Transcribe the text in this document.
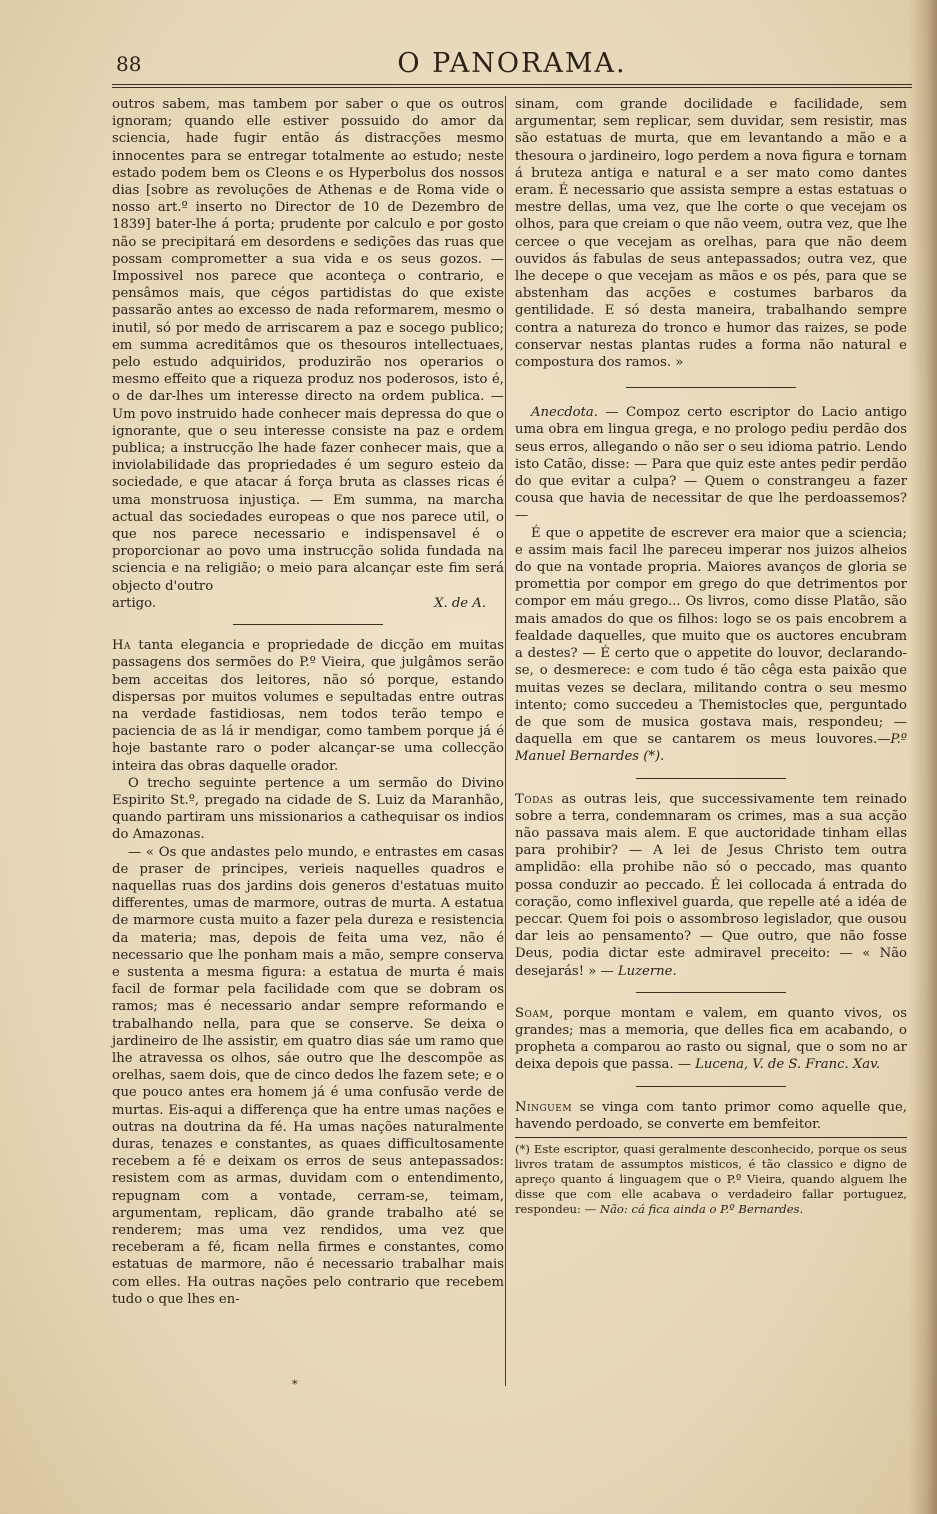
88	O PANORAMA.

outros sabem, mas tambem por saber o que os outros ignoram; quando elle estiver possuido do amor da sciencia, hade fugir então ás distracções mesmo innocentes para se entregar totalmente ao estudo; neste estado podem bem os Cleons e os Hyperbolus dos nossos dias [sobre as revoluções de Athenas e de Roma vide o nosso art.º inserto no Director de 10 de Dezembro de 1839] bater-lhe á porta; prudente por calculo e por gosto não se precipitará em desordens e sedições das ruas que possam comprometter a sua vida e os seus gozos. — Impossivel nos parece que aconteça o contrario, e pensâmos mais, que cégos partidistas do que existe passarão antes ao excesso de nada reformarem, mesmo o inutil, só por medo de arriscarem a paz e socego publico; em summa acreditâmos que os thesouros intellectuaes, pelo estudo adquiridos, produzirão nos operarios o mesmo effeito que a riqueza produz nos poderosos, isto é, o de dar-lhes um interesse directo na ordem publica. — Um povo instruido hade conhecer mais depressa do que o ignorante, que o seu interesse consiste na paz e ordem publica; a instrucção lhe hade fazer conhecer mais, que a inviolabilidade das propriedades é um seguro esteio da sociedade, e que atacar á força bruta as classes ricas é uma monstruosa injustiça. — Em summa, na marcha actual das sociedades europeas o que nos parece util, o que nos parece necessario e indispensavel é o proporcionar ao povo uma instrucção solida fundada na sciencia e na religião; o meio para alcançar este fim será objecto d'outro

artigo.	X. de A.

Ha tanta elegancia e propriedade de dicção em muitas passagens dos sermões do P.º Vieira, que julgâmos serão bem acceitas dos leitores, não só porque, estando dispersas por muitos volumes e sepultadas entre outras na verdade fastidiosas, nem todos terão tempo e paciencia de as lá ir mendigar, como tambem porque já é hoje bastante raro o poder alcançar-se uma collecção inteira das obras daquelle orador.

O trecho seguinte pertence a um sermão do Divino Espirito St.º, pregado na cidade de S. Luiz da Maranhão, quando partiram uns missionarios a cathequisar os indios do Amazonas.

— « Os que andastes pelo mundo, e entrastes em casas de praser de principes, verieis naquelles quadros e naquellas ruas dos jardins dois generos d'estatuas muito differentes, umas de marmore, outras de murta. A estatua de marmore custa muito a fazer pela dureza e resistencia da materia; mas, depois de feita uma vez, não é necessario que lhe ponham mais a mão, sempre conserva e sustenta a mesma figura: a estatua de murta é mais facil de formar pela facilidade com que se dobram os ramos; mas é necessario andar sempre reformando e trabalhando nella, para que se conserve. Se deixa o jardineiro de lhe assistir, em quatro dias sáe um ramo que lhe atravessa os olhos, sáe outro que lhe descompõe as orelhas, saem dois, que de cinco dedos lhe fazem sete; e o que pouco antes era homem já é uma confusão verde de murtas. Eis-aqui a differença que ha entre umas nações e outras na doutrina da fé. Ha umas nações naturalmente duras, tenazes e constantes, as quaes difficultosamente recebem a fé e deixam os erros de seus antepassados: resistem com as armas, duvidam com o entendimento, repugnam com a vontade, cerram-se, teimam, argumentam, replicam, dão grande trabalho até se renderem; mas uma vez rendidos, uma vez que receberam a fé, ficam nella firmes e constantes, como estatuas de marmore, não é necessario trabalhar mais com elles. Ha outras nações pelo contrario que recebem tudo o que lhes en-

*

sinam, com grande docilidade e facilidade, sem argumentar, sem replicar, sem duvidar, sem resistir, mas são estatuas de murta, que em levantando a mão e a thesoura o jardineiro, logo perdem a nova figura e tornam á bruteza antiga e natural e a ser mato como dantes eram. É necessario que assista sempre a estas estatuas o mestre dellas, uma vez, que lhe corte o que vecejam os olhos, para que creiam o que não veem, outra vez, que lhe cercee o que vecejam as orelhas, para que não deem ouvidos ás fabulas de seus antepassados; outra vez, que lhe decepe o que vecejam as mãos e os pés, para que se abstenham das acções e costumes barbaros da gentilidade. E só desta maneira, trabalhando sempre contra a natureza do tronco e humor das raizes, se pode conservar nestas plantas rudes a forma não natural e compostura dos ramos. »

Anecdota. — Compoz certo escriptor do Lacio antigo uma obra em lingua grega, e no prologo pediu perdão dos seus erros, allegando o não ser o seu idioma patrio. Lendo isto Catão, disse: — Para que quiz este antes pedir perdão do que evitar a culpa? — Quem o constrangeu a fazer cousa que havia de necessitar de que lhe perdoassemos? —

É que o appetite de escrever era maior que a sciencia; e assim mais facil lhe pareceu imperar nos juizos alheios do que na vontade propria. Maiores avanços de gloria se promettia por compor em grego do que detrimentos por compor em máu grego... Os livros, como disse Platão, são mais amados do que os filhos: logo se os pais encobrem a fealdade daquelles, que muito que os auctores encubram a destes? — É certo que o appetite do louvor, declarando-se, o desmerece: e com tudo é tão cêga esta paixão que muitas vezes se declara, militando contra o seu mesmo intento; como succedeu a Themistocles que, perguntado de que som de musica gostava mais, respondeu; — daquella em que se cantarem os meus louvores.—P.º Manuel Bernardes (*).

Todas as outras leis, que successivamente tem reinado sobre a terra, condemnaram os crimes, mas a sua acção não passava mais alem. E que auctoridade tinham ellas para prohibir? — A lei de Jesus Christo tem outra amplidão: ella prohibe não só o peccado, mas quanto possa conduzir ao peccado. É lei collocada á entrada do coração, como inflexivel guarda, que repelle até a idéa de peccar. Quem foi pois o assombroso legislador, que ousou dar leis ao pensamento? — Que outro, que não fosse Deus, podia dictar este admiravel preceito: — « Não desejarás! » — Luzerne.

Soam, porque montam e valem, em quanto vivos, os grandes; mas a memoria, que delles fica em acabando, o propheta a comparou ao rasto ou signal, que o som no ar deixa depois que passa. — Lucena, V. de S. Franc. Xav.

Ninguem se vinga com tanto primor como aquelle que, havendo perdoado, se converte em bemfeitor.

(*) Este escriptor, quasi geralmente desconhecido, porque os seus livros tratam de assumptos misticos, é tão classico e digno de apreço quanto á linguagem que o P.º Vieira, quando alguem lhe disse que com elle acabava o verdadeiro fallar portuguez, respondeu: — Não: cá fica ainda o P.º Bernardes.
